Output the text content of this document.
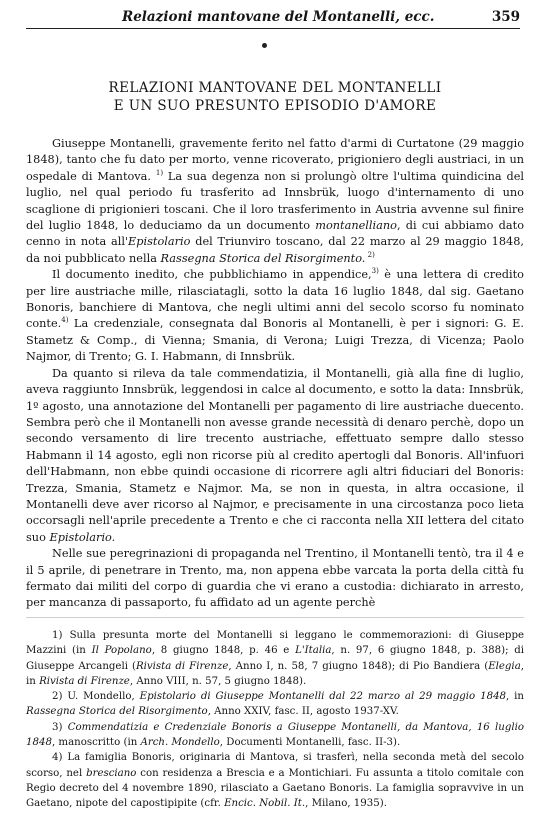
Relazioni mantovane del Montanelli, ecc.	359
RELAZIONI MANTOVANE DEL MONTANELLI
E UN SUO PRESUNTO EPISODIO D'AMORE

Giuseppe Montanelli, gravemente ferito nel fatto d'armi di Curtatone (29 maggio 1848), tanto che fu dato per morto, venne ricoverato, prigioniero degli austriaci, in un ospedale di Mantova. $^{1)}$ La sua degenza non si prolungò oltre l'ultima quindicina del luglio, nel qual periodo fu trasferito ad Innsbrük, luogo d'internamento di uno scaglione di prigionieri toscani. Che il loro trasferimento in Austria avvenne sul finire del luglio 1848, lo deduciamo da un documento montanelliano, di cui abbiamo dato cenno in nota all'Epistolario del Triunviro toscano, dal 22 marzo al 29 maggio 1848, da noi pubblicato nella Rassegna Storica del Risorgimento. $^{2)}$

Il documento inedito, che pubblichiamo in appendice,$^{3)}$ è una lettera di credito per lire austriache mille, rilasciatagli, sotto la data 16 luglio 1848, dal sig. Gaetano Bonoris, banchiere di Mantova, che negli ultimi anni del secolo scorso fu nominato conte.$^{4)}$ La credenziale, consegnata dal Bonoris al Montanelli, è per i signori: G. E. Stametz & Comp., di Vienna; Smania, di Verona; Luigi Trezza, di Vicenza; Paolo Najmor, di Trento; G. I. Habmann, di Innsbrük.

Da quanto si rileva da tale commendatizia, il Montanelli, già alla fine di luglio, aveva raggiunto Innsbrük, leggendosi in calce al documento, e sotto la data: Innsbrük, 1º agosto, una annotazione del Montanelli per pagamento di lire austriache duecento. Sembra però che il Montanelli non avesse grande necessità di denaro perchè, dopo un secondo versamento di lire trecento austriache, effettuato sempre dallo stesso Habmann il 14 agosto, egli non ricorse più al credito apertogli dal Bonoris. All'infuori dell'Habmann, non ebbe quindi occasione di ricorrere agli altri fiduciari del Bonoris: Trezza, Smania, Stametz e Najmor. Ma, se non in questa, in altra occasione, il Montanelli deve aver ricorso al Najmor, e precisamente in una circostanza poco lieta occorsagli nell'aprile precedente a Trento e che ci racconta nella XII lettera del citato suo Epistolario.

Nelle sue peregrinazioni di propaganda nel Trentino, il Montanelli tentò, tra il 4 e il 5 aprile, di penetrare in Trento, ma, non appena ebbe varcata la porta della città fu fermato dai militi del corpo di guardia che vi erano a custodia: dichiarato in arresto, per mancanza di passaporto, fu affidato ad un agente perchè

1) Sulla presunta morte del Montanelli si leggano le commemorazioni: di Giuseppe Mazzini (in Il Popolano, 8 giugno 1848, p. 46 e L'Italia, n. 97, 6 giugno 1848, p. 388); di Giuseppe Arcangeli (Rivista di Firenze, Anno I, n. 58, 7 giugno 1848); di Pio Bandiera (Elegia, in Rivista di Firenze, Anno VIII, n. 57, 5 giugno 1848).

2) U. Mondello, Epistolario di Giuseppe Montanelli dal 22 marzo al 29 maggio 1848, in Rassegna Storica del Risorgimento, Anno XXIV, fasc. II, agosto 1937-XV.

3) Commendatizia e Credenziale Bonoris a Giuseppe Montanelli, da Mantova, 16 luglio 1848, manoscritto (in Arch. Mondello, Documenti Montanelli, fasc. II-3).

4) La famiglia Bonoris, originaria di Mantova, si trasferì, nella seconda metà del secolo scorso, nel bresciano con residenza a Brescia e a Montichiari. Fu assunta a titolo comitale con Regio decreto del 4 novembre 1890, rilasciato a Gaetano Bonoris. La famiglia sopravvive in un Gaetano, nipote del capostipipite (cfr. Encic. Nobil. It., Milano, 1935).
